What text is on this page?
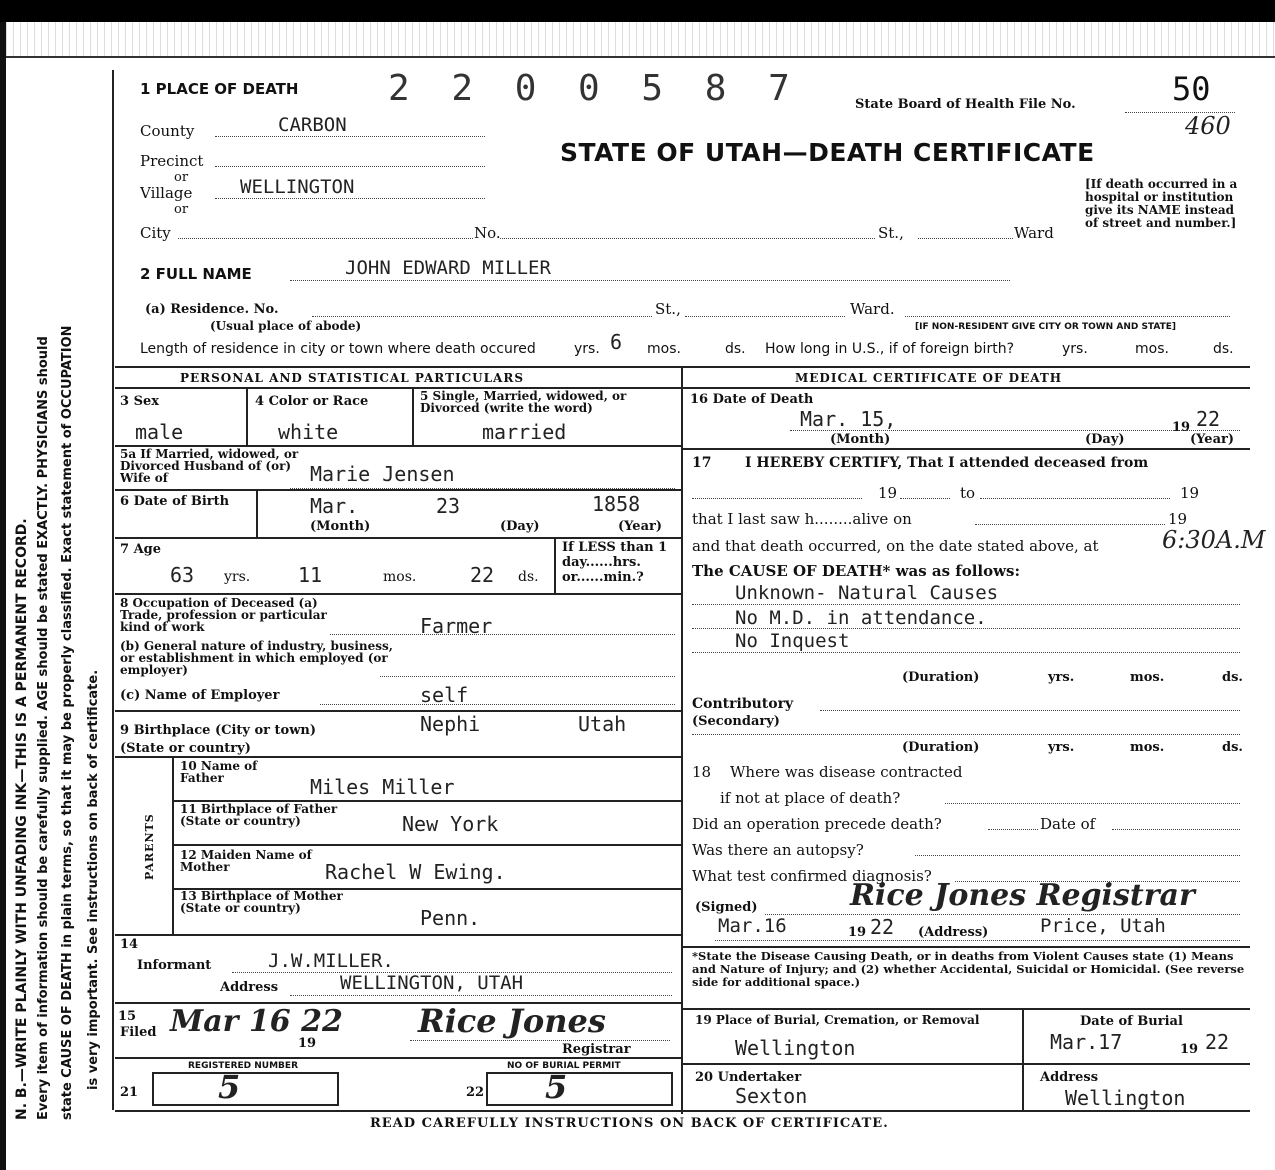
N. B.—WRITE PLAINLY WITH UNFADING INK—THIS IS A PERMANENT RECORD. Every item of information should be carefully supplied. AGE should be stated EXACTLY. PHYSICIANS should state CAUSE OF DEATH in plain terms, so that it may be properly classified. Exact statement of OCCUPATION is very important. See instructions on back of certificate.
1 PLACE OF DEATH 2 2 0 0 5 8 7	State Board of Health File No.	50
460
STATE OF UTAH—DEATH CERTIFICATE
[If death occurred in a hospital or institution give its NAME instead of street and number.]
County	CARBON
Precinct
or
Village	WELLINGTON
or
City	No.	St.,	Ward
2 FULL NAME	JOHN EDWARD MILLER
(a) Residence. No.	St.,	Ward.
(Usual place of abode)	[IF NON-RESIDENT GIVE CITY OR TOWN AND STATE]
Length of residence in city or town where death occured	yrs. 6 mos.	ds. How long in U.S., if of foreign birth?	yrs.	mos.	ds.
PERSONAL AND STATISTICAL PARTICULARS
3 Sex
male
4 Color or Race
white
5 Single, Married, widowed, or Divorced (write the word)
married
5a If Married, widowed, or Divorced Husband of (or) Wife of	Marie Jensen
6 Date of Birth	Mar.	23	1858
(Month)	(Day)	(Year)
7 Age
63 yrs. 11	mos.	22 ds.
If LESS than 1 day......hrs. or......min.?
8 Occupation of Deceased (a) Trade, profession or particular kind of work	Farmer
(b) General nature of industry, business, or establishment in which employed (or employer)
(c) Name of Employer	self
9 Birthplace (City or town) (State or country)
Nephi	Utah
PARENTS
10 Name of Father	Miles Miller
11 Birthplace of Father (State or country)	New York
12 Maiden Name of Mother	Rachel W Ewing.
13 Birthplace of Mother (State or country)	Penn.
14
Informant	J.W.MILLER.
Address	WELLINGTON, UTAH
15
Filed Mar 16 22
19
Rice Jones
Registrar
REGISTERED NUMBER	NO OF BURIAL PERMIT
21 5	22 5
MEDICAL CERTIFICATE OF DEATH
16 Date of Death
Mar. 15,	19 22
(Month)	(Day)	(Year)
17 I HEREBY CERTIFY, That I attended deceased from
19	to	19
that I last saw h........alive on	19
and that death occurred, on the date stated above, at	6:30A.M
The CAUSE OF DEATH* was as follows:
Unknown- Natural Causes
No M.D. in attendance.
No Inquest
(Duration)	yrs.	mos.	ds.
Contributory
(Secondary)
(Duration)	yrs.	mos.	ds.
18 Where was disease contracted
if not at place of death?
Did an operation precede death?	Date of
Was there an autopsy?
What test confirmed diagnosis?
(Signed)	Rice Jones Registrar
Mar.16	19 22 (Address)	Price, Utah
*State the Disease Causing Death, or in deaths from Violent Causes state (1) Means and Nature of Injury; and (2) whether Accidental, Suicidal or Homicidal. (See reverse side for additional space.)
19 Place of Burial, Cremation, or Removal
Wellington
Date of Burial
Mar.17	19 22
20 Undertaker
Sexton
Address
Wellington
READ CAREFULLY INSTRUCTIONS ON BACK OF CERTIFICATE.
